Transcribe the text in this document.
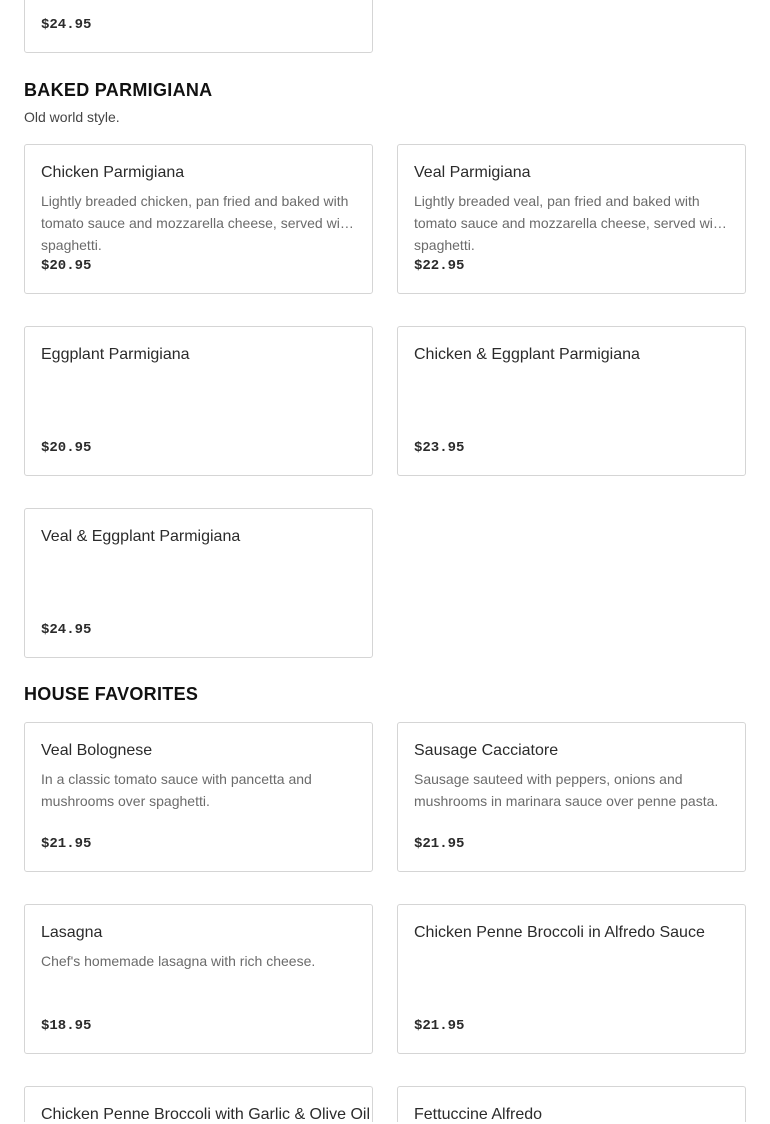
$24.95
BAKED PARMIGIANA
Old world style.
Chicken Parmigiana
Lightly breaded chicken, pan fried and baked with tomato sauce and mozzarella cheese, served with spaghetti.
$20.95
Veal Parmigiana
Lightly breaded veal, pan fried and baked with tomato sauce and mozzarella cheese, served with spaghetti.
$22.95
Eggplant Parmigiana
$20.95
Chicken & Eggplant Parmigiana
$23.95
Veal & Eggplant Parmigiana
$24.95
HOUSE FAVORITES
Veal Bolognese
In a classic tomato sauce with pancetta and mushrooms over spaghetti.
$21.95
Sausage Cacciatore
Sausage sauteed with peppers, onions and mushrooms in marinara sauce over penne pasta.
$21.95
Lasagna
Chef's homemade lasagna with rich cheese.
$18.95
Chicken Penne Broccoli in Alfredo Sauce
$21.95
Chicken Penne Broccoli with Garlic & Olive Oil	Fettuccine Alfredo
